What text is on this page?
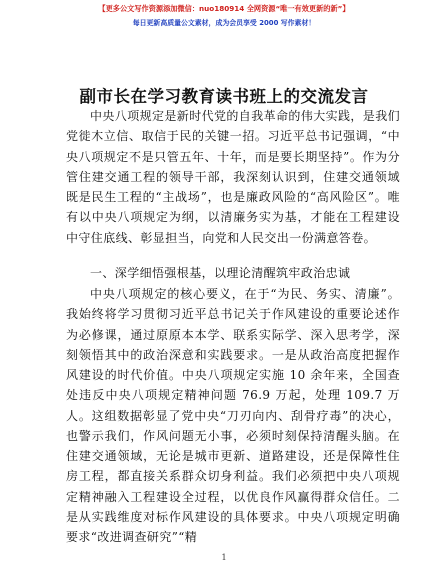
【更多公文写作资源添加微信：nuo180914 全网资源“唯一有效更新的新”】
每日更新高质量公文素材，成为会员享受 2000 写作素材！
副市长在学习教育读书班上的交流发言

中央八项规定是新时代党的自我革命的伟大实践，是我们党徙木立信、取信于民的关键一招。习近平总书记强调，“中央八项规定不是只管五年、十年，而是要长期坚持”。作为分管住建交通工程的领导干部，我深刻认识到，住建交通领域既是民生工程的“主战场”，也是廉政风险的“高风险区”。唯有以中央八项规定为纲，以清廉务实为基，才能在工程建设中守住底线、彰显担当，向党和人民交出一份满意答卷。

一、深学细悟强根基，以理论清醒筑牢政治忠诚

中央八项规定的核心要义，在于“为民、务实、清廉”。我始终将学习贯彻习近平总书记关于作风建设的重要论述作为必修课，通过原原本本学、联系实际学、深入思考学，深刻领悟其中的政治深意和实践要求。一是从政治高度把握作风建设的时代价值。中央八项规定实施 10 余年来，全国查处违反中央八项规定精神问题 76.9 万起，处理 109.7 万人。这组数据彰显了党中央“刀刃向内、刮骨疗毒”的决心，也警示我们，作风问题无小事，必须时刻保持清醒头脑。在住建交通领域，无论是城市更新、道路建设，还是保障性住房工程，都直接关系群众切身利益。我们必须把中央八项规定精神融入工程建设全过程，以优良作风赢得群众信任。二是从实践维度对标作风建设的具体要求。中央八项规定明确要求“改进调查研究”“精

1
